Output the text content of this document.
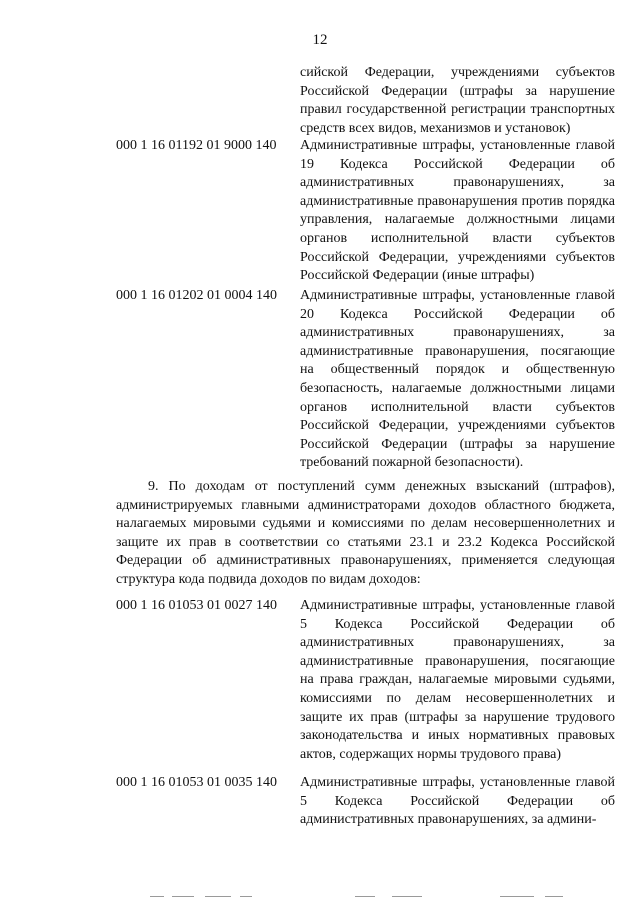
12
сийской Федерации, учреждениями субъектов Российской Федерации (штрафы за нарушение правил государственной регистрации транспортных средств всех видов, механизмов и установок)
000 1 16 01192 01 9000 140 Административные штрафы, установленные главой 19 Кодекса Российской Федерации об административных правонарушениях, за административные правонарушения против порядка управления, налагаемые должностными лицами органов исполнительной власти субъектов Российской Федерации, учреждениями субъектов Российской Федерации (иные штрафы)
000 1 16 01202 01 0004 140 Административные штрафы, установленные главой 20 Кодекса Российской Федерации об административных правонарушениях, за административные правонарушения, посягающие на общественный порядок и общественную безопасность, налагаемые должностными лицами органов исполнительной власти субъектов Российской Федерации, учреждениями субъектов Российской Федерации (штрафы за нарушение требований пожарной безопасности).
9. По доходам от поступлений сумм денежных взысканий (штрафов), администрируемых главными администраторами доходов областного бюджета, налагаемых мировыми судьями и комиссиями по делам несовершеннолетних и защите их прав в соответствии со статьями 23.1 и 23.2 Кодекса Российской Федерации об административных правонарушениях, применяется следующая структура кода подвида доходов по видам доходов:
000 1 16 01053 01 0027 140 Административные штрафы, установленные главой 5 Кодекса Российской Федерации об административных правонарушениях, за административные правонарушения, посягающие на права граждан, налагаемые мировыми судьями, комиссиями по делам несовершеннолетних и защите их прав (штрафы за нарушение трудового законодательства и иных нормативных правовых актов, содержащих нормы трудового права)
000 1 16 01053 01 0035 140 Административные штрафы, установленные главой 5 Кодекса Российской Федерации об административных правонарушениях, за админи-
